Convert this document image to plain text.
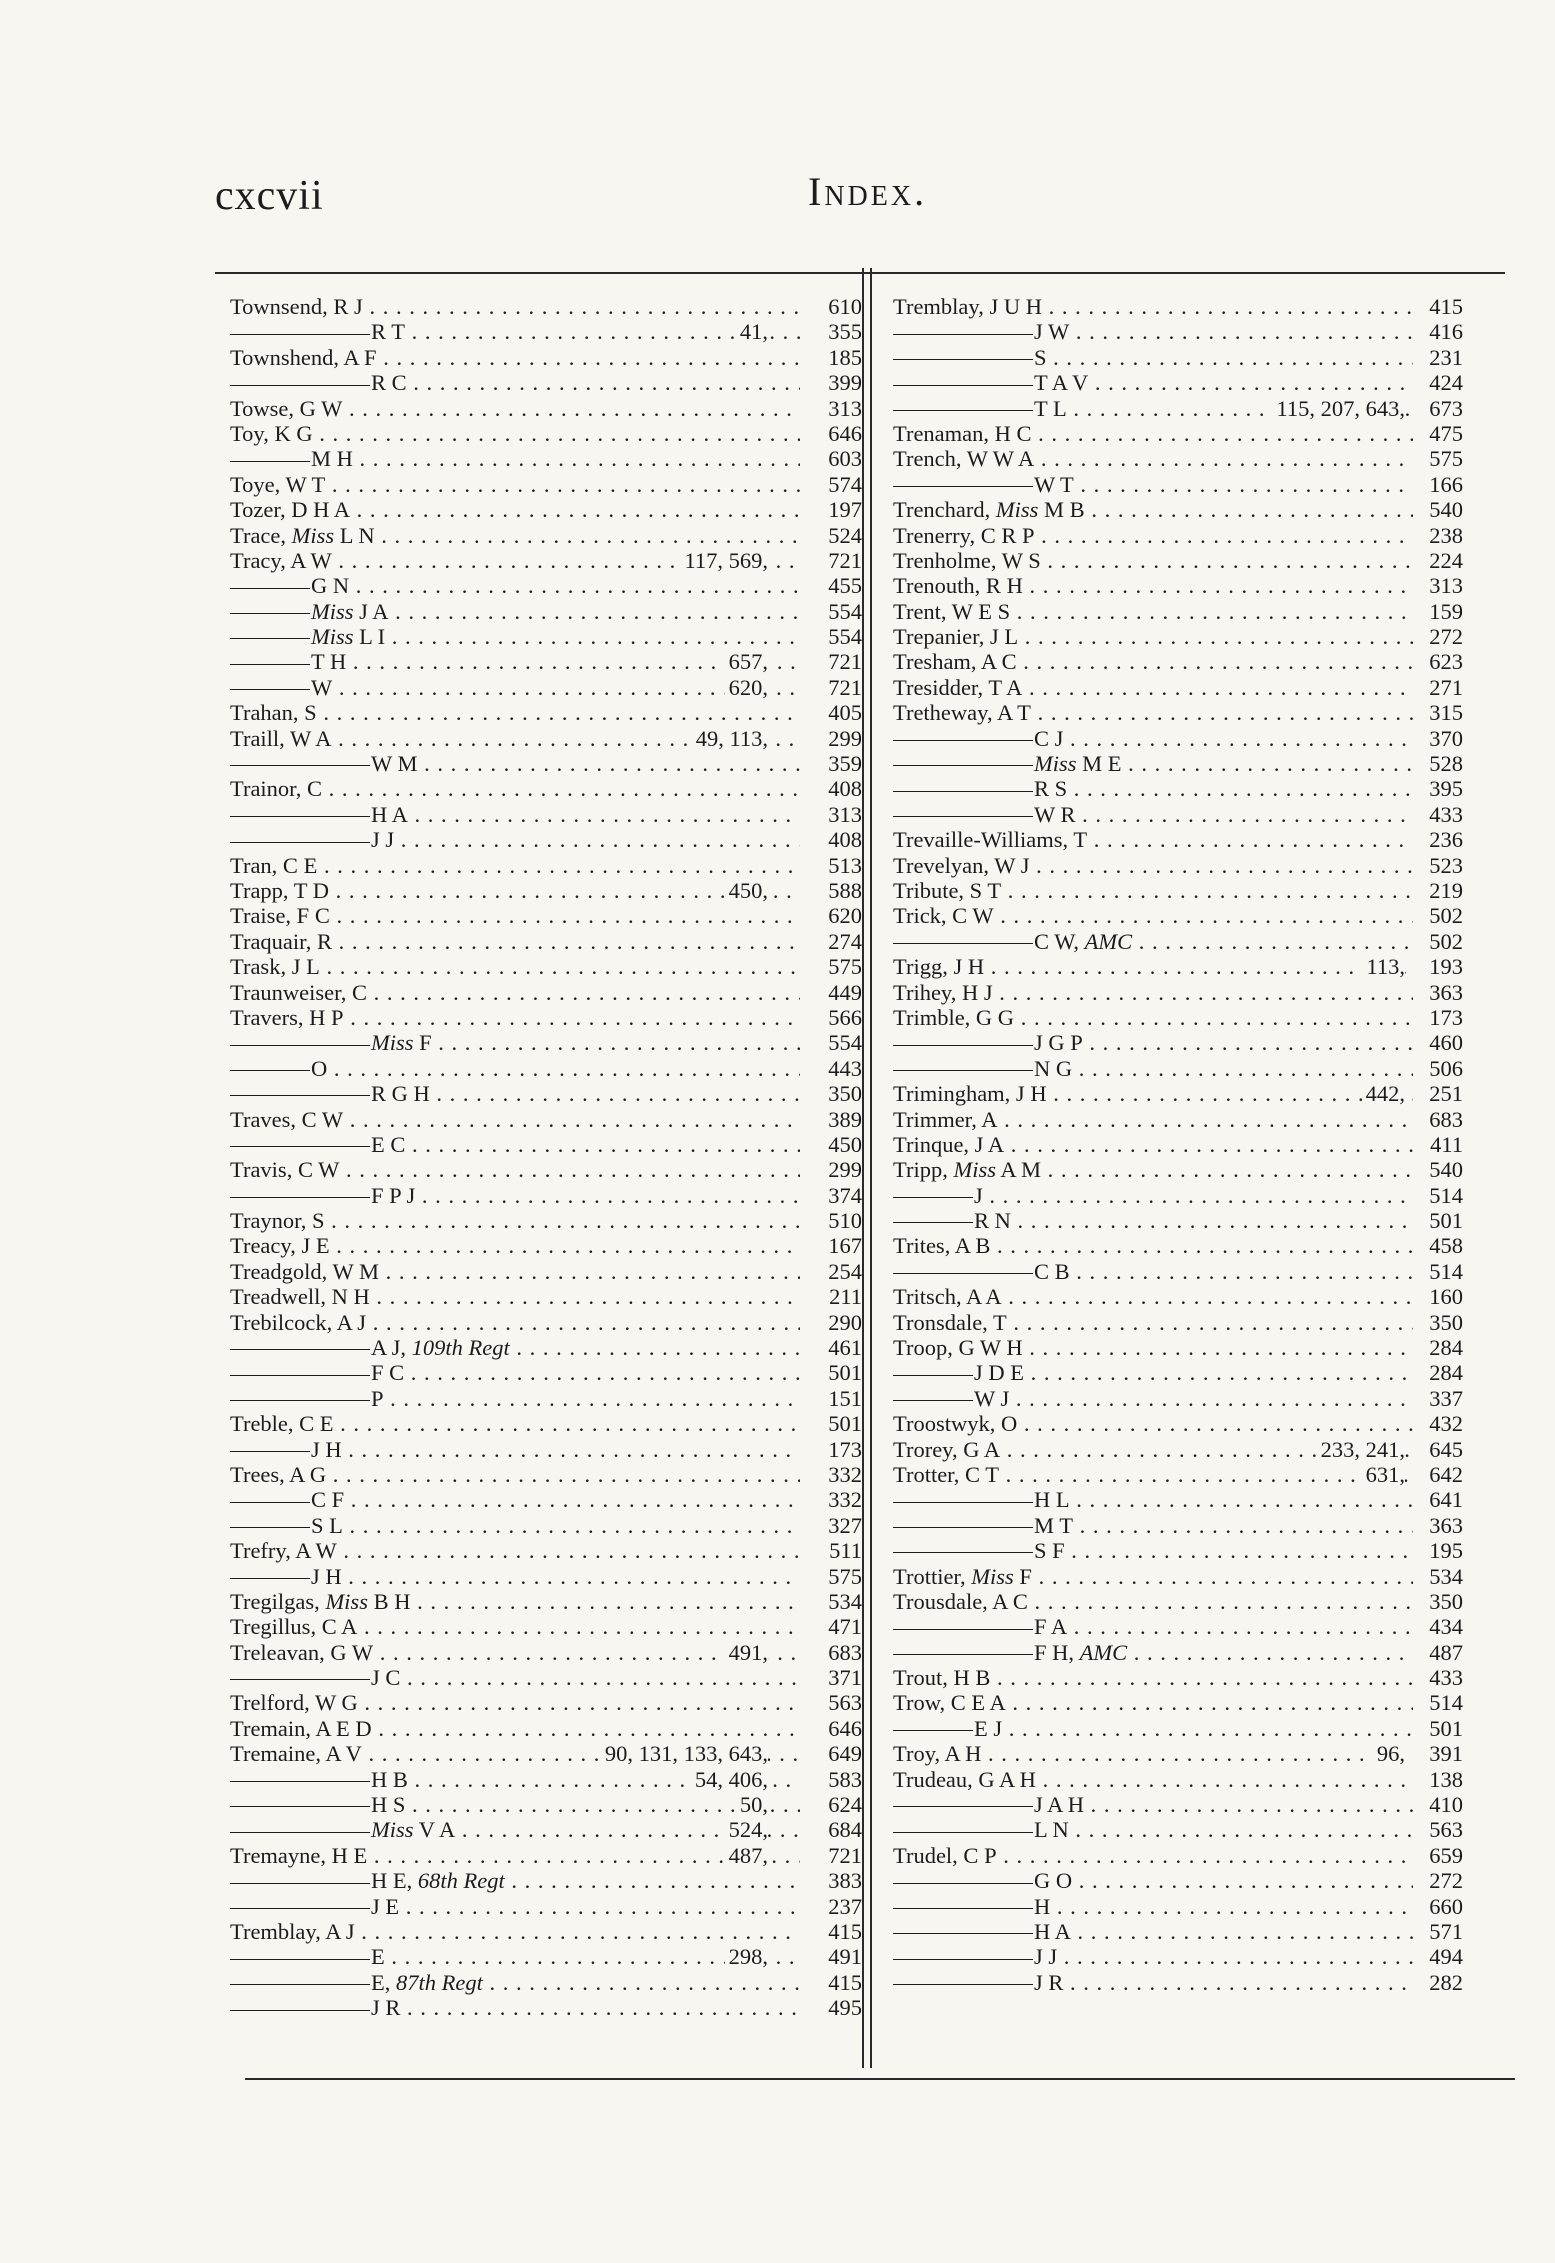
cxcvii	Index.
Townsend, R J . . .	610
R T . . .	41,	355
Townshend, A F . . .	185
R C . . .	399
Towse, G W . . .	313
Toy, K G . . .	646
M H . . .	603
Toye, W T . . .	574
Tozer, D H A . . .	197
Trace, Miss L N . . .	524
Tracy, A W . . .	117, 569,	721
G N . . .	455
Miss J A . . .	554
Miss L I . . .	554
T H . . .	657,	721
W . . .	620,	721
Trahan, S . . .	405
Traill, W A . . .	49, 113,	299
W M . . .	359
Trainor, C . . .	408
H A . . .	313
J J . . .	408
Tran, C E . . .	513
Trapp, T D . . .	450,	588
Traise, F C . . .	620
Traquair, R . . .	274
Trask, J L . . .	575
Traunweiser, C . . .	449
Travers, H P . . .	566
Miss F . . .	554
O . . .	443
R G H . . .	350
Traves, C W . . .	389
E C . . .	450
Travis, C W . . .	299
F P J . . .	374
Traynor, S . . .	510
Treacy, J E . . .	167
Treadgold, W M . . .	254
Treadwell, N H . . .	211
Trebilcock, A J . . .	290
A J, 109th Regt . . .	461
F C . . .	501
P . . .	151
Treble, C E . . .	501
J H . . .	173
Trees, A G . . .	332
C F . . .	332
S L . . .	327
Trefry, A W . . .	511
J H . . .	575
Tregilgas, Miss B H . . .	534
Tregillus, C A . . .	471
Treleavan, G W . . .	491,	683
J C . . .	371
Trelford, W G . . .	563
Tremain, A E D . . .	646
Tremaine, A V . . .	90, 131, 133, 643,	649
H B . . .	54, 406,	583
H S . . .	50,	624
Miss V A . . .	524,	684
Tremayne, H E . . .	487,	721
H E, 68th Regt . . .	383
J E . . .	237
Tremblay, A J . . .	415
E . . .	298,	491
E, 87th Regt . . .	415
J R . . .	495
Tremblay, J U H . . .	415
J W . . .	416
S . . .	231
T A V . . .	424
T L . . .	115, 207, 643,	673
Trenaman, H C . . .	475
Trench, W W A . . .	575
W T . . .	166
Trenchard, Miss M B . . .	540
Trenerry, C R P . . .	238
Trenholme, W S . . .	224
Trenouth, R H . . .	313
Trent, W E S . . .	159
Trepanier, J L . . .	272
Tresham, A C . . .	623
Tresidder, T A . . .	271
Tretheway, A T . . .	315
C J . . .	370
Miss M E . . .	528
R S . . .	395
W R . . .	433
Trevaille-Williams, T . . .	236
Trevelyan, W J . . .	523
Tribute, S T . . .	219
Trick, C W . . .	502
C W, AMC . . .	502
Trigg, J H . . .	113,	193
Trihey, H J . . .	363
Trimble, G G . . .	173
J G P . . .	460
N G . . .	506
Trimingham, J H . . .	442,	251
Trimmer, A . . .	683
Trinque, J A . . .	411
Tripp, Miss A M . . .	540
J . . .	514
R N . . .	501
Trites, A B . . .	458
C B . . .	514
Tritsch, A A . . .	160
Tronsdale, T . . .	350
Troop, G W H . . .	284
J D E . . .	284
W J . . .	337
Troostwyk, O . . .	432
Trorey, G A . . .	233, 241,	645
Trotter, C T . . .	631,	642
H L . . .	641
M T . . .	363
S F . . .	195
Trottier, Miss F . . .	534
Trousdale, A C . . .	350
F A . . .	434
F H, AMC . . .	487
Trout, H B . . .	433
Trow, C E A . . .	514
E J . . .	501
Troy, A H . . .	96,	391
Trudeau, G A H . . .	138
J A H . . .	410
L N . . .	563
Trudel, C P . . .	659
G O . . .	272
H . . .	660
H A . . .	571
J J . . .	494
J R . . .	282
